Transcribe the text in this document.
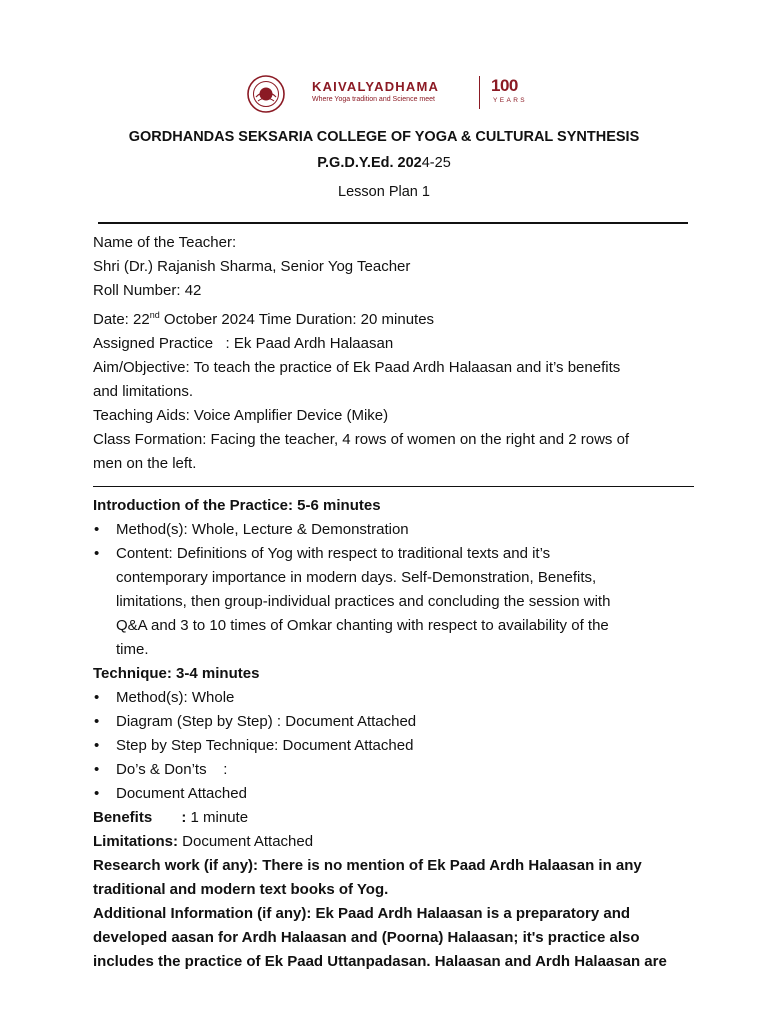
KAIVALYADHAMA
Where Yoga tradition and Science meet
100
YEARS
GORDHANDAS SEKSARIA COLLEGE OF YOGA & CULTURAL SYNTHESIS
P.G.D.Y.Ed. 2024-25
Lesson Plan 1

Name of the Teacher:

Shri (Dr.) Rajanish Sharma, Senior Yog Teacher

Roll Number: 42

Date: 22nd October 2024 Time Duration: 20 minutes

Assigned Practice   : Ek Paad Ardh Halaasan

Aim/Objective: To teach the practice of Ek Paad Ardh Halaasan and it’s benefits

and limitations.

Teaching Aids: Voice Amplifier Device (Mike)

Class Formation: Facing the teacher, 4 rows of women on the right and 2 rows of

men on the left.

Introduction of the Practice: 5-6 minutes

• Method(s): Whole, Lecture & Demonstration

• Content: Definitions of Yog with respect to traditional texts and it’s

contemporary importance in modern days. Self-Demonstration, Benefits,

limitations, then group-individual practices and concluding the session with

Q&A and 3 to 10 times of Omkar chanting with respect to availability of the

time.

Technique: 3-4 minutes

• Method(s): Whole

• Diagram (Step by Step) : Document Attached

• Step by Step Technique: Document Attached

• Do’s & Don’ts    :

• Document Attached

Benefits       : 1 minute

Limitations: Document Attached

Research work (if any): There is no mention of Ek Paad Ardh Halaasan in any

traditional and modern text books of Yog.

Additional Information (if any): Ek Paad Ardh Halaasan is a preparatory and

developed aasan for Ardh Halaasan and (Poorna) Halaasan; it's practice also

includes the practice of Ek Paad Uttanpadasan. Halaasan and Ardh Halaasan are
